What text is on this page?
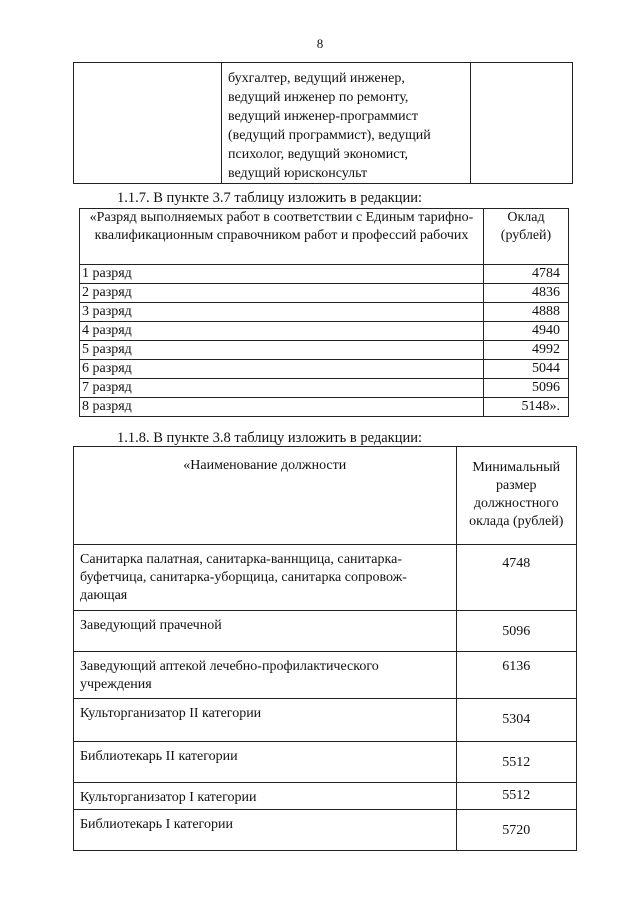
8

бухгалтер, ведущий инженер,
ведущий инженер по ремонту,
ведущий инженер-программист
(ведущий программист), ведущий
психолог, ведущий экономист,
ведущий юрисконсульт

1.1.7. В пункте 3.7 таблицу изложить в редакции:
«Разряд выполняемых работ в соответствии с Единым тарифно-квалификационным справочником работ и профессий рабочих	Оклад (рублей)
1 разряд	4784
2 разряд	4836
3 разряд	4888
4 разряд	4940
5 разряд	4992
6 разряд	5044
7 разряд	5096
8 разряд	5148».
1.1.8. В пункте 3.8 таблицу изложить в редакции:
«Наименование должности	Минимальный размер должностного оклада (рублей)
Санитарка палатная, санитарка-ваннщица, санитарка-буфетчица, санитарка-уборщица, санитарка сопровож-дающая	4748
Заведующий прачечной	5096
Заведующий аптекой лечебно-профилактического учреждения	6136
Культорганизатор II категории	5304
Библиотекарь II категории	5512
Культорганизатор I категории	5512
Библиотекарь I категории	5720
